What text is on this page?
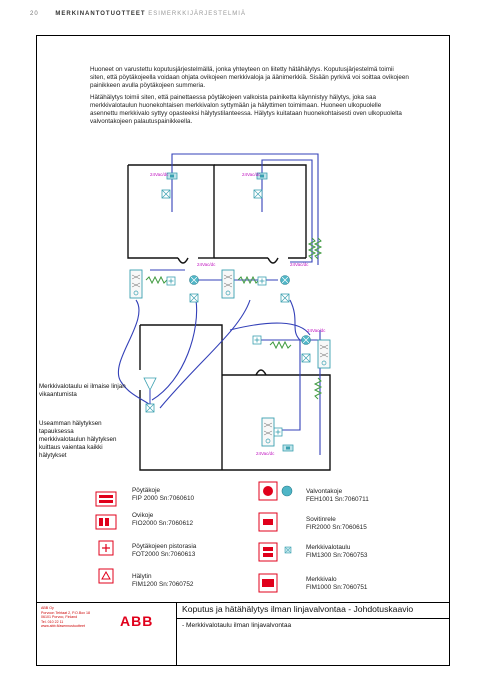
20	MERKINANTOTUOTTEET ESIMERKKIJÄRJESTELMIÄ

Huoneet on varustettu koputusjärjestelmällä, jonka yhteyteen on liitetty hätähälytys. Koputusjärjestelmä toimii siten, että pöytäkojeella voidaan ohjata ovikojeen merkkivaloja ja äänimerkkiä. Sisään pyrkivä voi soittaa ovikojeen painikkeen avulla pöytäkojeen summeria.

Hätähälytys toimii siten, että painettaessa pöytäkojeen valkoista painiketta käynnistyy hälytys, joka saa merkkivalotaulun huonekohtaisen merkkivalon syttymään ja hälyttimen toimimaan. Huoneen ulkopuolelle asennettu merkkivalo syttyy opasteeksi hälytystilanteessa. Hälytys kuitataan huonekohtaisesti oven ulkopuolelta valvontakojeen palautuspainikkeella.

24Vac/dc	24Vac/dc
24Vac/dc	24Vac/dc
24Vac/dc
24Vac/dc
Merkkivalotaulu ei ilmaise linjan vikaantumista
Useamman hälytyksen tapauksessa merkkivalotaulun hälytyksen kuittaus vaientaa kaikki hälytykset
Pöytäkoje
FIP 2000 Sn:7060610
Ovikoje
FIO2000 Sn:7060612
Pöytäkojeen pistorasia
FOT2000 Sn:7060613
Hälytin
FIM1200 Sn:7060752
Valvontakoje
FEH1001 Sn:7060711
Sovitinrele
FIR2000 Sn:7060615
Merkkivalotaulu
FIM1300 Sn:7060753
Merkkivalo
FIM1000 Sn:7060751
ABB Oy
Porvoon Tehtaat 2, P.O.Box 18
06101 Porvoo, Finland
Tel. 010 22 11
www.abb.fi/asennustuotteet	ABB
Koputus ja hätähälytys ilman linjavalvontaa - Johdotuskaavio
- Merkkivalotaulu ilman linjavalvontaa
